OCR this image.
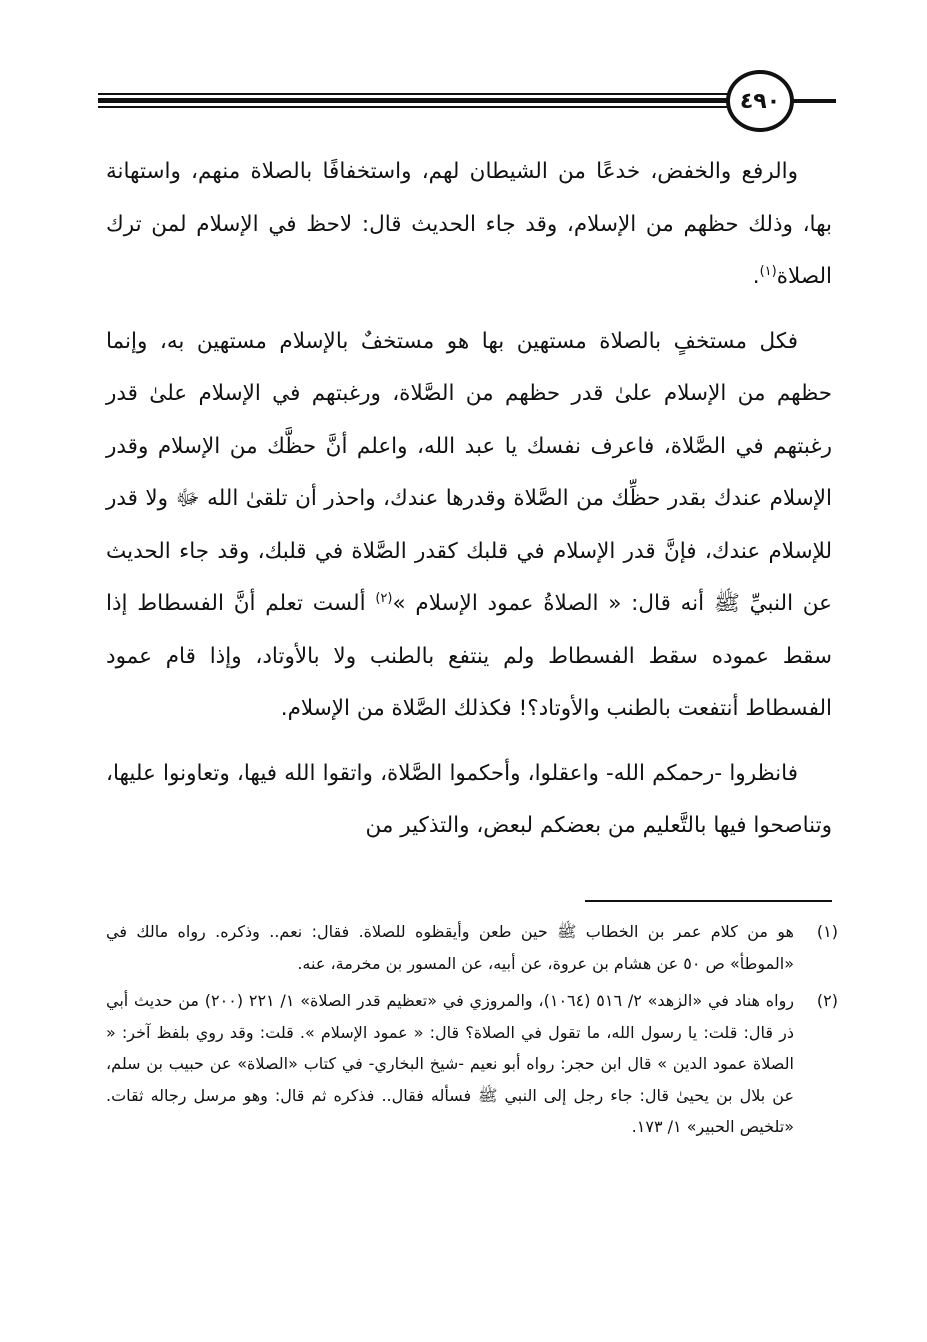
٤٩٠

والرفع والخفض، خدعًا من الشيطان لهم، واستخفافًا بالصلاة منهم، واستهانة بها، وذلك حظهم من الإسلام، وقد جاء الحديث قال: لاحظ في الإسلام لمن ترك الصلاة$^{(١)}$.

فكل مستخفٍ بالصلاة مستهين بها هو مستخفٌ بالإسلام مستهين به، وإنما حظهم من الإسلام علىٰ قدر حظهم من الصَّلاة، ورغبتهم في الإسلام علىٰ قدر رغبتهم في الصَّلاة، فاعرف نفسك يا عبد الله، واعلم أنَّ حظَّك من الإسلام وقدر الإسلام عندك بقدر حظِّك من الصَّلاة وقدرها عندك، واحذر أن تلقىٰ الله ﷻ ولا قدر للإسلام عندك، فإنَّ قدر الإسلام في قلبك كقدر الصَّلاة في قلبك، وقد جاء الحديث عن النبيِّ ﷺ أنه قال: « الصلاةُ عمود الإسلام »$^{(٢)}$ ألست تعلم أنَّ الفسطاط إذا سقط عموده سقط الفسطاط ولم ينتفع بالطنب ولا بالأوتاد، وإذا قام عمود الفسطاط أنتفعت بالطنب والأوتاد؟! فكذلك الصَّلاة من الإسلام.

فانظروا -رحمكم الله- واعقلوا، وأحكموا الصَّلاة، واتقوا الله فيها، وتعاونوا عليها، وتناصحوا فيها بالتَّعليم من بعضكم لبعض، والتذكير من

(١)
هو من كلام عمر بن الخطاب ﷺ حين طعن وأيقظوه للصلاة. فقال: نعم.. وذكره. رواه مالك في «الموطأ» ص ٥٠ عن هشام بن عروة، عن أبيه، عن المسور بن مخرمة، عنه.
(٢)
رواه هناد في «الزهد» ٢/ ٥١٦ (١٠٦٤)، والمروزي في «تعظيم قدر الصلاة» ١/ ٢٢١ (٢٠٠) من حديث أبي ذر قال: قلت: يا رسول الله، ما تقول في الصلاة؟ قال: « عمود الإسلام ». قلت: وقد روي بلفظ آخر: « الصلاة عمود الدين » قال ابن حجر: رواه أبو نعيم -شيخ البخاري- في كتاب «الصلاة» عن حبيب بن سلم، عن بلال بن يحيىٰ قال: جاء رجل إلى النبي ﷺ فسأله فقال.. فذكره ثم قال: وهو مرسل رجاله ثقات. «تلخيص الحبير» ١/ ١٧٣.
